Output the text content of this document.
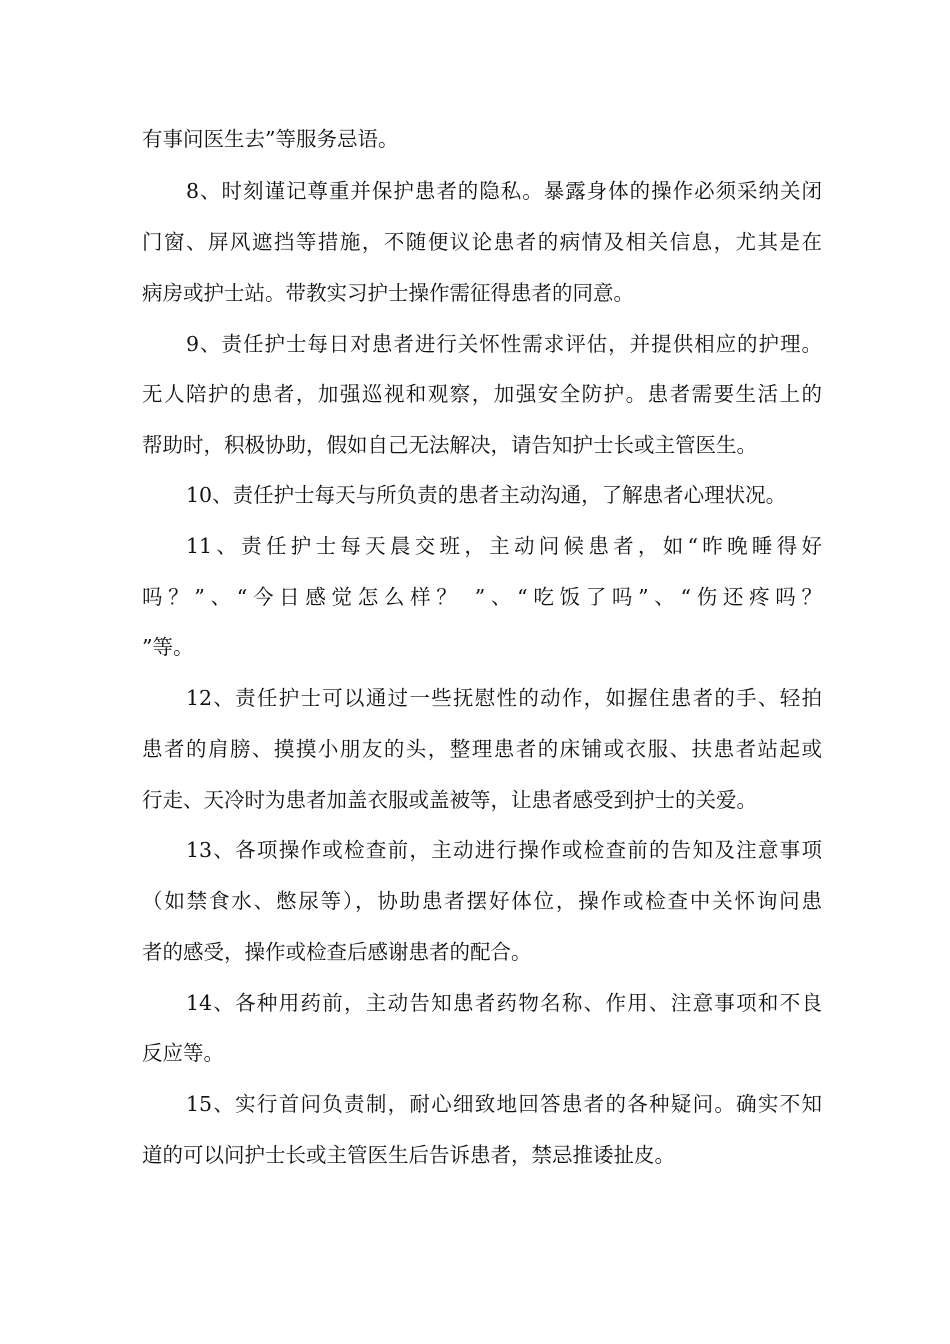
有事问医生去”等服务忌语。
8、时刻谨记尊重并保护患者的隐私。暴露身体的操作必须采纳关闭
门窗、屏风遮挡等措施，不随便议论患者的病情及相关信息，尤其是在
病房或护士站。带教实习护士操作需征得患者的同意。
9、责任护士每日对患者进行关怀性需求评估，并提供相应的护理。
无人陪护的患者，加强巡视和观察，加强安全防护。患者需要生活上的
帮助时，积极协助，假如自己无法解决，请告知护士长或主管医生。
10、责任护士每天与所负责的患者主动沟通，了解患者心理状况。
11、责任护士每天晨交班，主动问候患者，如“昨晚睡得好
吗？”、“今日感觉怎么样？ ”、“吃饭了吗”、“伤还疼吗？
”等。
12、责任护士可以通过一些抚慰性的动作，如握住患者的手、轻拍
患者的肩膀、摸摸小朋友的头，整理患者的床铺或衣服、扶患者站起或
行走、天冷时为患者加盖衣服或盖被等，让患者感受到护士的关爱。
13、各项操作或检查前，主动进行操作或检查前的告知及注意事项
（如禁食水、憋尿等），协助患者摆好体位，操作或检查中关怀询问患
者的感受，操作或检查后感谢患者的配合。
14、各种用药前，主动告知患者药物名称、作用、注意事项和不良
反应等。
15、实行首问负责制，耐心细致地回答患者的各种疑问。确实不知
道的可以问护士长或主管医生后告诉患者，禁忌推诿扯皮。
